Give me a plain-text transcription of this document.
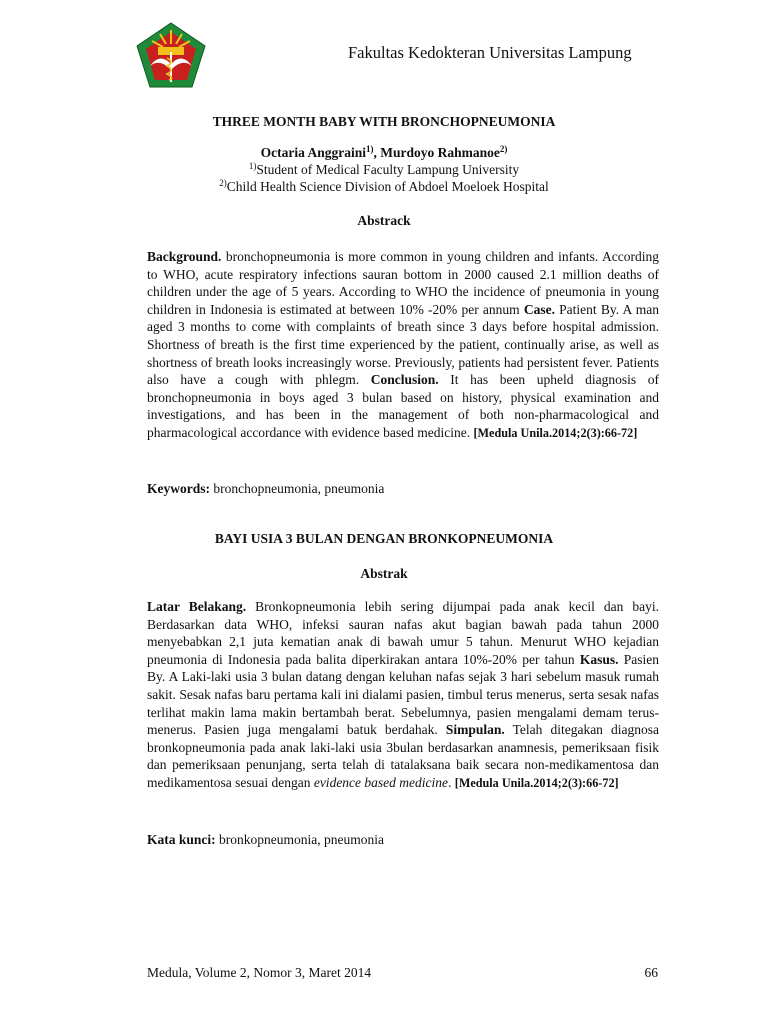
Fakultas Kedokteran Universitas Lampung
THREE MONTH BABY WITH BRONCHOPNEUMONIA
Octaria Anggraini$^{1)}$, Murdoyo Rahmanoe$^{2)}$
$^{1)}$Student of Medical Faculty Lampung University
$^{2)}$Child Health Science Division of Abdoel Moeloek Hospital
Abstrack

Background. bronchopneumonia is more common in young children and infants. According to WHO, acute respiratory infections sauran bottom in 2000 caused 2.1 million deaths of children under the age of 5 years. According to WHO the incidence of pneumonia in young children in Indonesia is estimated at between 10% -20% per annum Case. Patient By. A man aged 3 months to come with complaints of breath since 3 days before hospital admission. Shortness of breath is the first time experienced by the patient, continually arise, as well as shortness of breath looks increasingly worse. Previously, patients had persistent fever. Patients also have a cough with phlegm. Conclusion. It has been upheld diagnosis of bronchopneumonia in boys aged 3 bulan based on history, physical examination and investigations, and has been in the management of both non-pharmacological and pharmacological accordance with evidence based medicine. [Medula Unila.2014;2(3):66-72]

Keywords: bronchopneumonia, pneumonia
BAYI USIA 3 BULAN DENGAN BRONKOPNEUMONIA
Abstrak

Latar Belakang. Bronkopneumonia lebih sering dijumpai pada anak kecil dan bayi. Berdasarkan data WHO, infeksi sauran nafas akut bagian bawah pada tahun 2000 menyebabkan 2,1 juta kematian anak di bawah umur 5 tahun. Menurut WHO kejadian pneumonia di Indonesia pada balita diperkirakan antara 10%-20% per tahun Kasus. Pasien By. A Laki-laki usia 3 bulan datang dengan keluhan nafas sejak 3 hari sebelum masuk rumah sakit. Sesak nafas baru pertama kali ini dialami pasien, timbul terus menerus, serta sesak nafas terlihat makin lama makin bertambah berat. Sebelumnya, pasien mengalami demam terus-menerus. Pasien juga mengalami batuk berdahak. Simpulan. Telah ditegakan diagnosa bronkopneumonia pada anak laki-laki usia 3bulan berdasarkan anamnesis, pemeriksaan fisik dan pemeriksaan penunjang, serta telah di tatalaksana baik secara non-medikamentosa dan medikamentosa sesuai dengan evidence based medicine. [Medula Unila.2014;2(3):66-72]

Kata kunci: bronkopneumonia, pneumonia
Medula, Volume 2, Nomor 3, Maret 2014	66
